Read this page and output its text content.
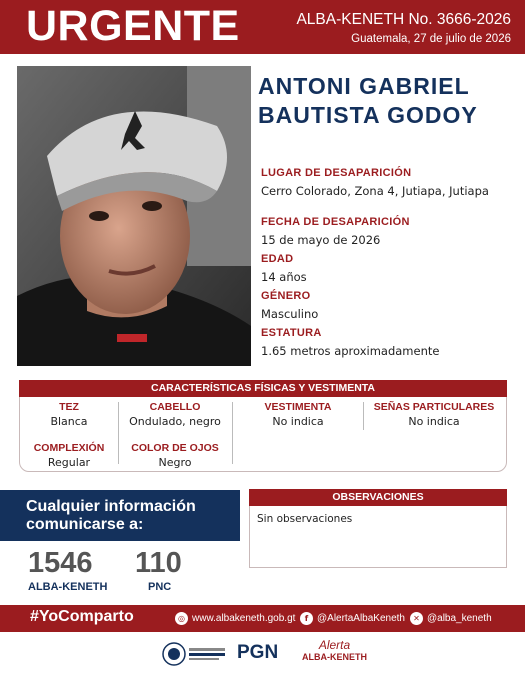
URGENTE	ALBA-KENETH No. 3666-2026
Guatemala, 27 de julio de 2026
ANTONI GABRIEL
BAUTISTA GODOY
LUGAR DE DESAPARICIÓN
Cerro Colorado, Zona 4, Jutiapa, Jutiapa
FECHA DE DESAPARICIÓN
15 de mayo de 2026
EDAD
14 años
GÉNERO
Masculino
ESTATURA
1.65 metros aproximadamente
CARACTERÍSTICAS FÍSICAS Y VESTIMENTA
TEZ
Blanca
CABELLO
Ondulado, negro
VESTIMENTA
No indica
SEÑAS PARTICULARES
No indica
COMPLEXIÓN
Regular
COLOR DE OJOS
Negro
Cualquier información
comunicarse a:
1546
ALBA-KENETH
110
PNC
OBSERVACIONES
Sin observaciones
#YoComparto	◎ www.albakeneth.gob.gt	f @AlertaAlbaKeneth	✕ @alba_keneth
PGN	Alerta
ALBA-KENETH
